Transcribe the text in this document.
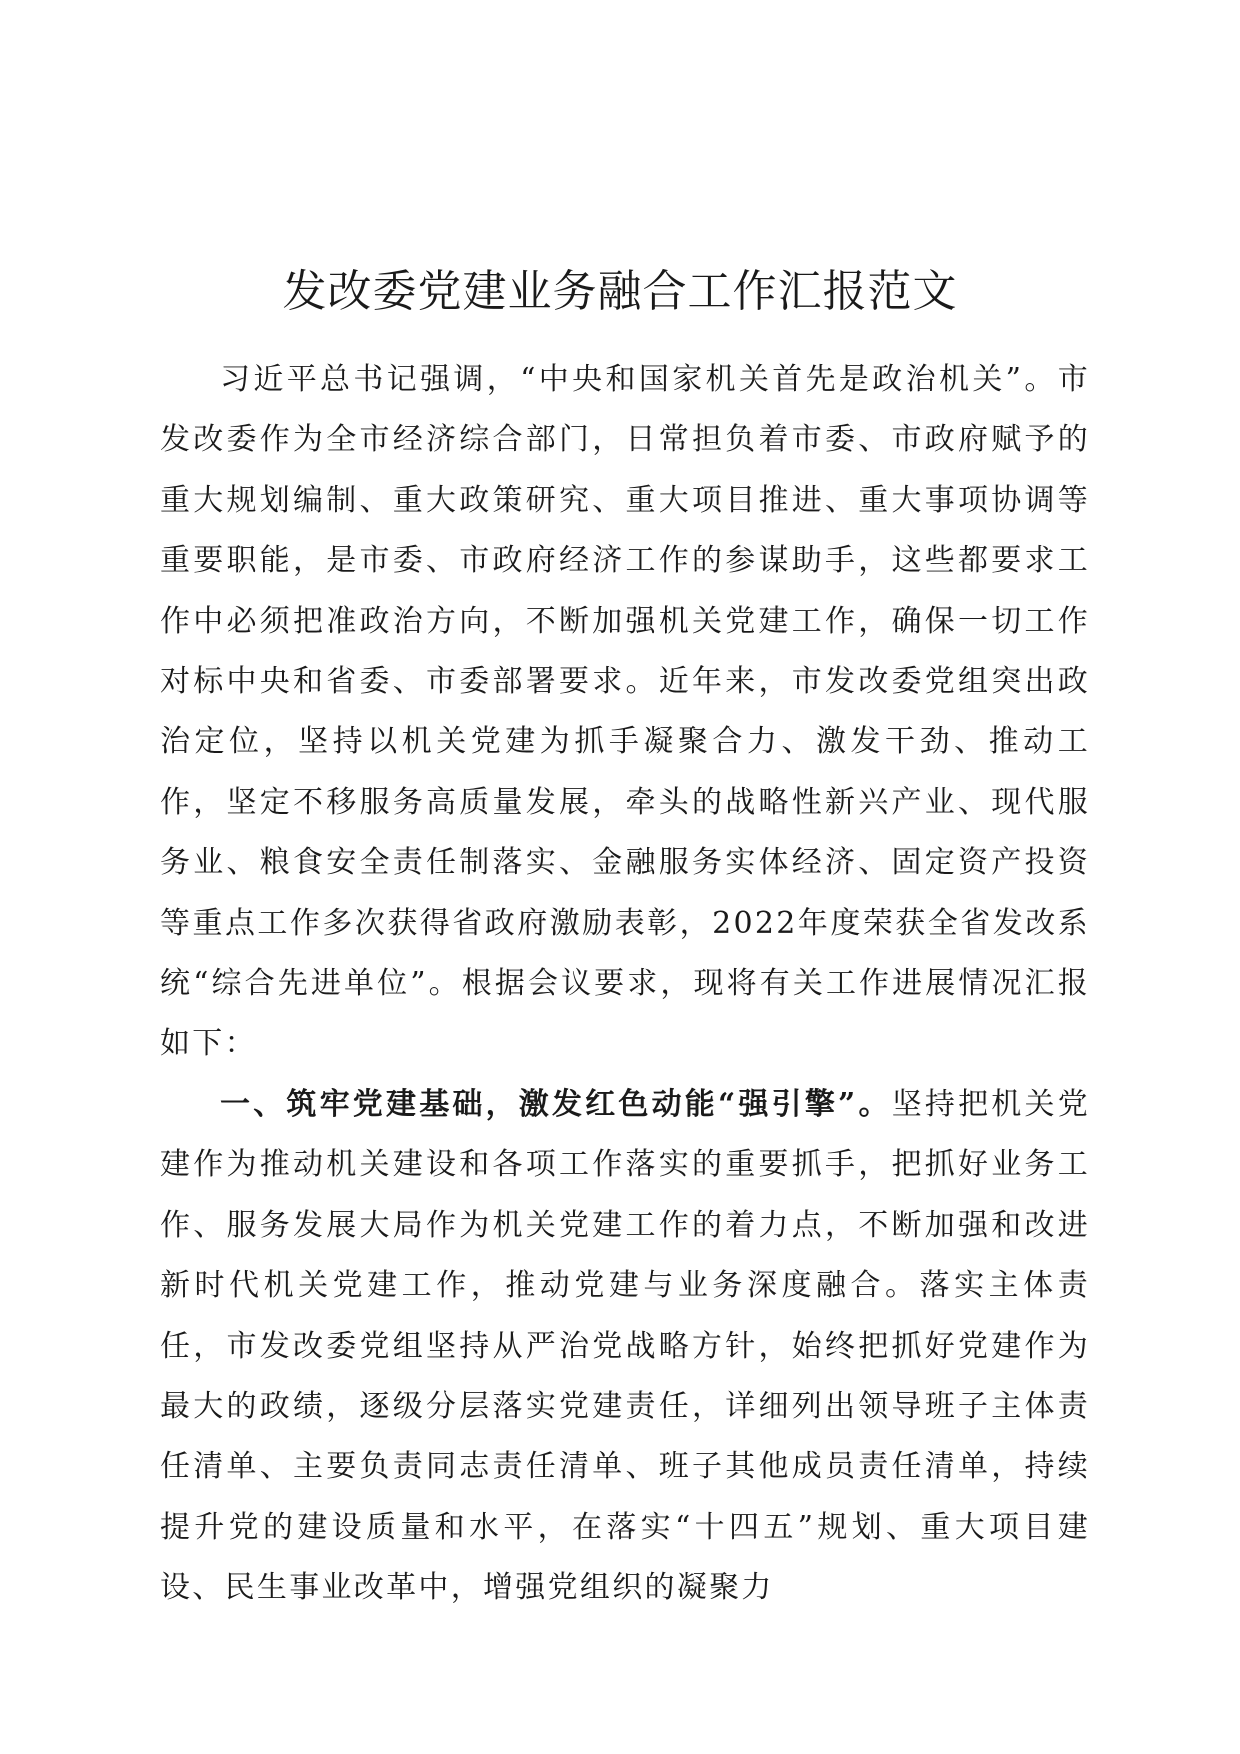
发改委党建业务融合工作汇报范文

习近平总书记强调，“中央和国家机关首先是政治机关”。市发改委作为全市经济综合部门，日常担负着市委、市政府赋予的重大规划编制、重大政策研究、重大项目推进、重大事项协调等重要职能，是市委、市政府经济工作的参谋助手，这些都要求工作中必须把准政治方向，不断加强机关党建工作，确保一切工作对标中央和省委、市委部署要求。近年来，市发改委党组突出政治定位，坚持以机关党建为抓手凝聚合力、激发干劲、推动工作，坚定不移服务高质量发展，牵头的战略性新兴产业、现代服务业、粮食安全责任制落实、金融服务实体经济、固定资产投资等重点工作多次获得省政府激励表彰，2022年度荣获全省发改系统“综合先进单位”。根据会议要求，现将有关工作进展情况汇报如下：

一、筑牢党建基础，激发红色动能“强引擎”。坚持把机关党建作为推动机关建设和各项工作落实的重要抓手，把抓好业务工作、服务发展大局作为机关党建工作的着力点，不断加强和改进新时代机关党建工作，推动党建与业务深度融合。落实主体责任，市发改委党组坚持从严治党战略方针，始终把抓好党建作为最大的政绩，逐级分层落实党建责任，详细列出领导班子主体责任清单、主要负责同志责任清单、班子其他成员责任清单，持续提升党的建设质量和水平，在落实“十四五”规划、重大项目建设、民生事业改革中，增强党组织的凝聚力
